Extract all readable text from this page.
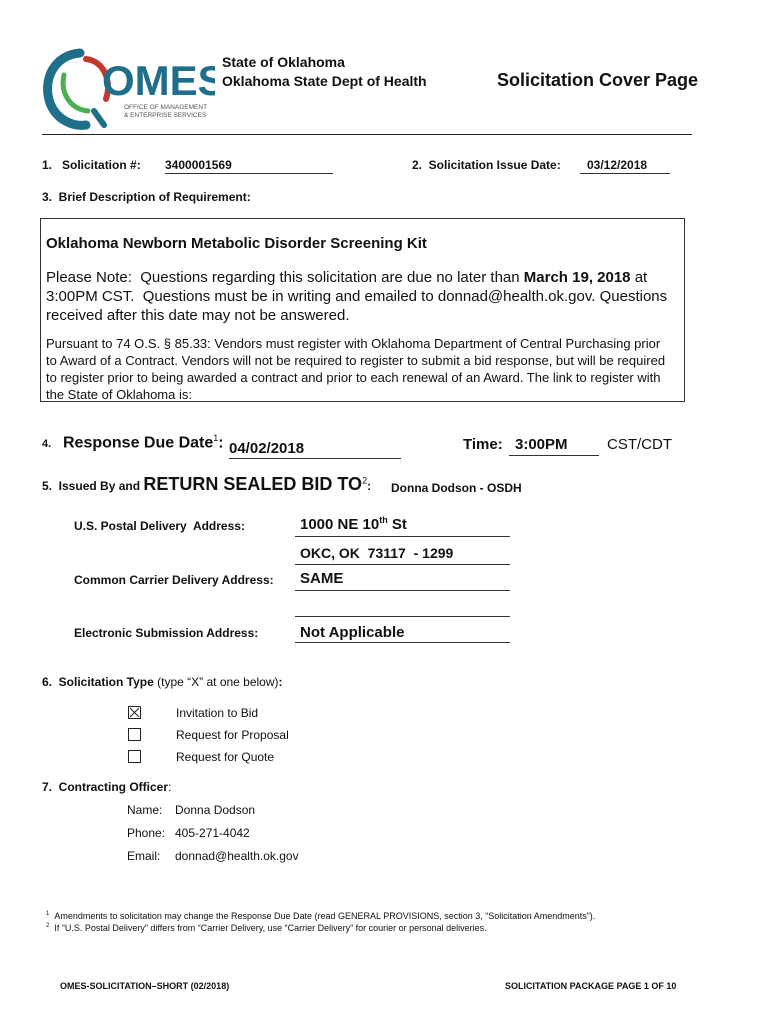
OMES
OFFICE OF MANAGEMENT
& ENTERPRISE SERVICES
State of Oklahoma
Oklahoma State Dept of Health	Solicitation Cover Page
1.   Solicitation #: 3400001569	2.  Solicitation Issue Date:	03/12/2018
3.  Brief Description of Requirement:
Oklahoma Newborn Metabolic Disorder Screening Kit
Please Note:  Questions regarding this solicitation are due no later than March 19, 2018 at 3:00PM CST.  Questions must be in writing and emailed to donnad@health.ok.gov. Questions received after this date may not be answered.
Pursuant to 74 O.S. § 85.33: Vendors must register with Oklahoma Department of Central Purchasing prior to Award of a Contract. Vendors will not be required to register to submit a bid response, but will be required to register prior to being awarded a contract and prior to each renewal of an Award. The link to register with the State of Oklahoma is:
4. Response Due Date$^1$: 04/02/2018	Time: 3:00PM	CST/CDT
5.  Issued By and RETURN SEALED BID $TO^2$: Donna Dodson - OSDH
U.S. Postal Delivery  Address:	1000 NE 10th St
OKC, OK  73117  - 1299
Common Carrier Delivery Address:	SAME
Electronic Submission Address:	Not Applicable
6.  Solicitation Type (type “X” at one below):
Invitation to Bid
Request for Proposal
Request for Quote
7.  Contracting Officer:
Name: Donna Dodson
Phone: 405-271-4042
Email: donnad@health.ok.gov
$^1$ Amendments to solicitation may change the Response Due Date (read GENERAL PROVISIONS, section 3, “Solicitation Amendments”).
$^2$ If “U.S. Postal Delivery” differs from “Carrier Delivery, use “Carrier Delivery” for courier or personal deliveries.
OMES-SOLICITATION–SHORT (02/2018)	SOLICITATION PACKAGE PAGE 1 OF 10
